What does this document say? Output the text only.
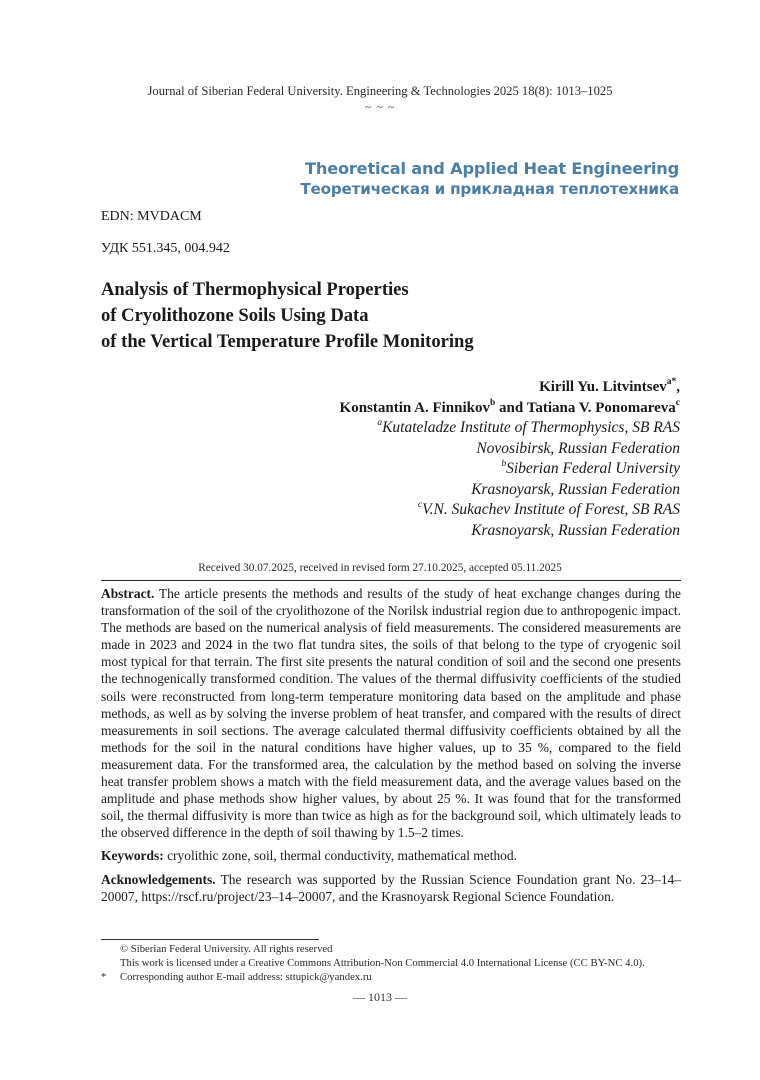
Journal of Siberian Federal University. Engineering & Technologies 2025 18(8): 1013–1025
~ ~ ~
Theoretical and Applied Heat Engineering
Теоретическая и прикладная теплотехника
EDN: MVDACM
УДК 551.345, 004.942
Analysis of Thermophysical Properties
of Cryolithozone Soils Using Data
of the Vertical Temperature Profile Monitoring
Kirill Yu. Litvintsev$^{a*}$,
Konstantin A. Finnikov$^b$ and Tatiana V. Ponomareva$^c$
$^a$Kutateladze Institute of Thermophysics, SB RAS
Novosibirsk, Russian Federation
$^b$Siberian Federal University
Krasnoyarsk, Russian Federation
$^c$V.N. Sukachev Institute of Forest, SB RAS
Krasnoyarsk, Russian Federation
Received 30.07.2025, received in revised form 27.10.2025, accepted 05.11.2025
Abstract. The article presents the methods and results of the study of heat exchange changes during the transformation of the soil of the cryolithozone of the Norilsk industrial region due to anthropogenic impact. The methods are based on the numerical analysis of field measurements. The considered measurements are made in 2023 and 2024 in the two flat tundra sites, the soils of that belong to the type of cryogenic soil most typical for that terrain. The first site presents the natural condition of soil and the second one presents the technogenically transformed condition. The values of the thermal diffusivity coefficients of the studied soils were reconstructed from long-term temperature monitoring data based on the amplitude and phase methods, as well as by solving the inverse problem of heat transfer, and compared with the results of direct measurements in soil sections. The average calculated thermal diffusivity coefficients obtained by all the methods for the soil in the natural conditions have higher values, up to 35 %, compared to the field measurement data. For the transformed area, the calculation by the method based on solving the inverse heat transfer problem shows a match with the field measurement data, and the average values based on the amplitude and phase methods show higher values, by about 25 %. It was found that for the transformed soil, the thermal diffusivity is more than twice as high as for the background soil, which ultimately leads to the observed difference in the depth of soil thawing by 1.5–2 times.
Keywords: cryolithic zone, soil, thermal conductivity, mathematical method.
Acknowledgements. The research was supported by the Russian Science Foundation grant No. 23–14–20007, https://rscf.ru/project/23–14–20007, and the Krasnoyarsk Regional Science Foundation.
© Siberian Federal University. All rights reserved
This work is licensed under a Creative Commons Attribution-Non Commercial 4.0 International License (CC BY-NC 4.0).
* Corresponding author E-mail address: sttupick@yandex.ru
— 1013 —
